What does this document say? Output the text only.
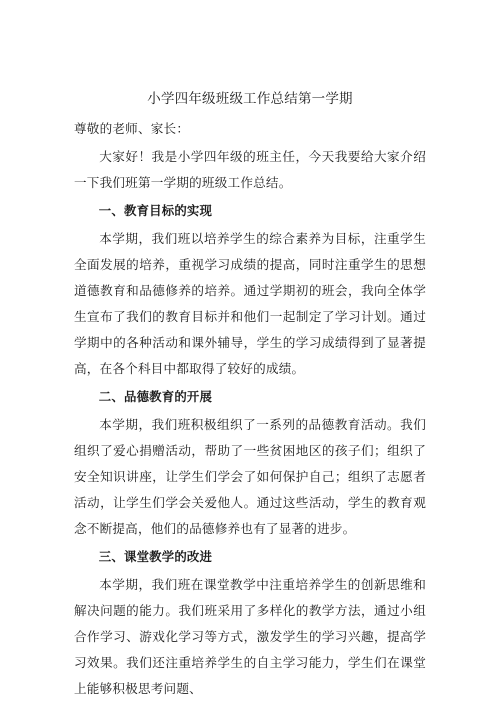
小学四年级班级工作总结第一学期
尊敬的老师、家长：

大家好！我是小学四年级的班主任，今天我要给大家介绍一下我们班第一学期的班级工作总结。

一、教育目标的实现

本学期，我们班以培养学生的综合素养为目标，注重学生全面发展的培养，重视学习成绩的提高，同时注重学生的思想道德教育和品德修养的培养。通过学期初的班会，我向全体学生宣布了我们的教育目标并和他们一起制定了学习计划。通过学期中的各种活动和课外辅导，学生的学习成绩得到了显著提高，在各个科目中都取得了较好的成绩。

二、品德教育的开展

本学期，我们班积极组织了一系列的品德教育活动。我们组织了爱心捐赠活动，帮助了一些贫困地区的孩子们；组织了安全知识讲座，让学生们学会了如何保护自己；组织了志愿者活动，让学生们学会关爱他人。通过这些活动，学生的教育观念不断提高，他们的品德修养也有了显著的进步。

三、课堂教学的改进

本学期，我们班在课堂教学中注重培养学生的创新思维和解决问题的能力。我们班采用了多样化的教学方法，通过小组合作学习、游戏化学习等方式，激发学生的学习兴趣，提高学习效果。我们还注重培养学生的自主学习能力，学生们在课堂上能够积极思考问题、
